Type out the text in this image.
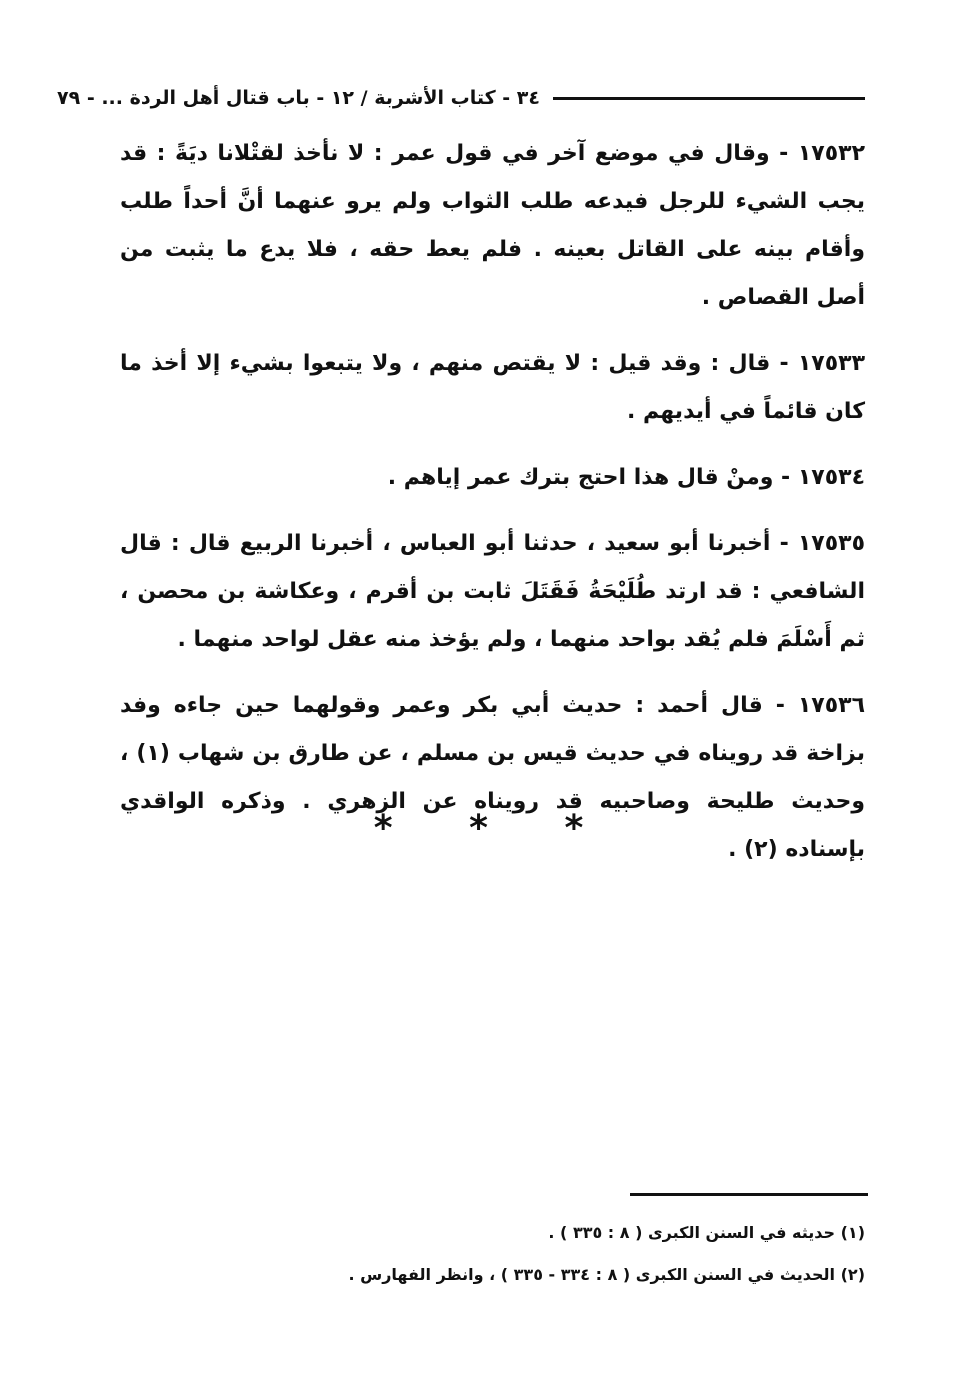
٣٤ - كتاب الأشربة / ١٢ - باب قتال أهل الردة ... - ٧٩

١٧٥٣٢ - وقال في موضع آخر في قول عمر : لا نأخذ لقتْلانا ديَةً : قد يجب الشيء للرجل فيدعه طلب الثواب ولم يرو عنهما أنَّ أحداً طلب وأقام بينه على القاتل بعينه . فلم يعط حقه ، فلا يدع ما يثبت من أصل القصاص .

١٧٥٣٣ - قال : وقد قيل : لا يقتص منهم ، ولا يتبعوا بشيء إلا أخذ ما كان قائماً في أيديهم .

١٧٥٣٤ - ومنْ قال هذا احتج بترك عمر إياهم .

١٧٥٣٥ - أخبرنا أبو سعيد ، حدثنا أبو العباس ، أخبرنا الربيع قال : قال الشافعي : قد ارتد طُلَيْحَةُ فَقَتَلَ ثابت بن أقرم ، وعكاشة بن محصن ، ثم أَسْلَمَ فلم يُقد بواحد منهما ، ولم يؤخذ منه عقل لواحد منهما .

١٧٥٣٦ - قال أحمد : حديث أبي بكر وعمر وقولهما حين جاءه وفد بزاخة قد رويناه في حديث قيس بن مسلم ، عن طارق بن شهاب (١) ، وحديث طليحة وصاحبيه قد رويناه عن الزهري . وذكره الواقدي بإسناده (٢) .

* * *

(١) حديثه في السنن الكبرى ( ٨ : ٣٣٥ ) .

(٢) الحديث في السنن الكبرى ( ٨ : ٣٣٤ - ٣٣٥ ) ، وانظر الفهارس .
